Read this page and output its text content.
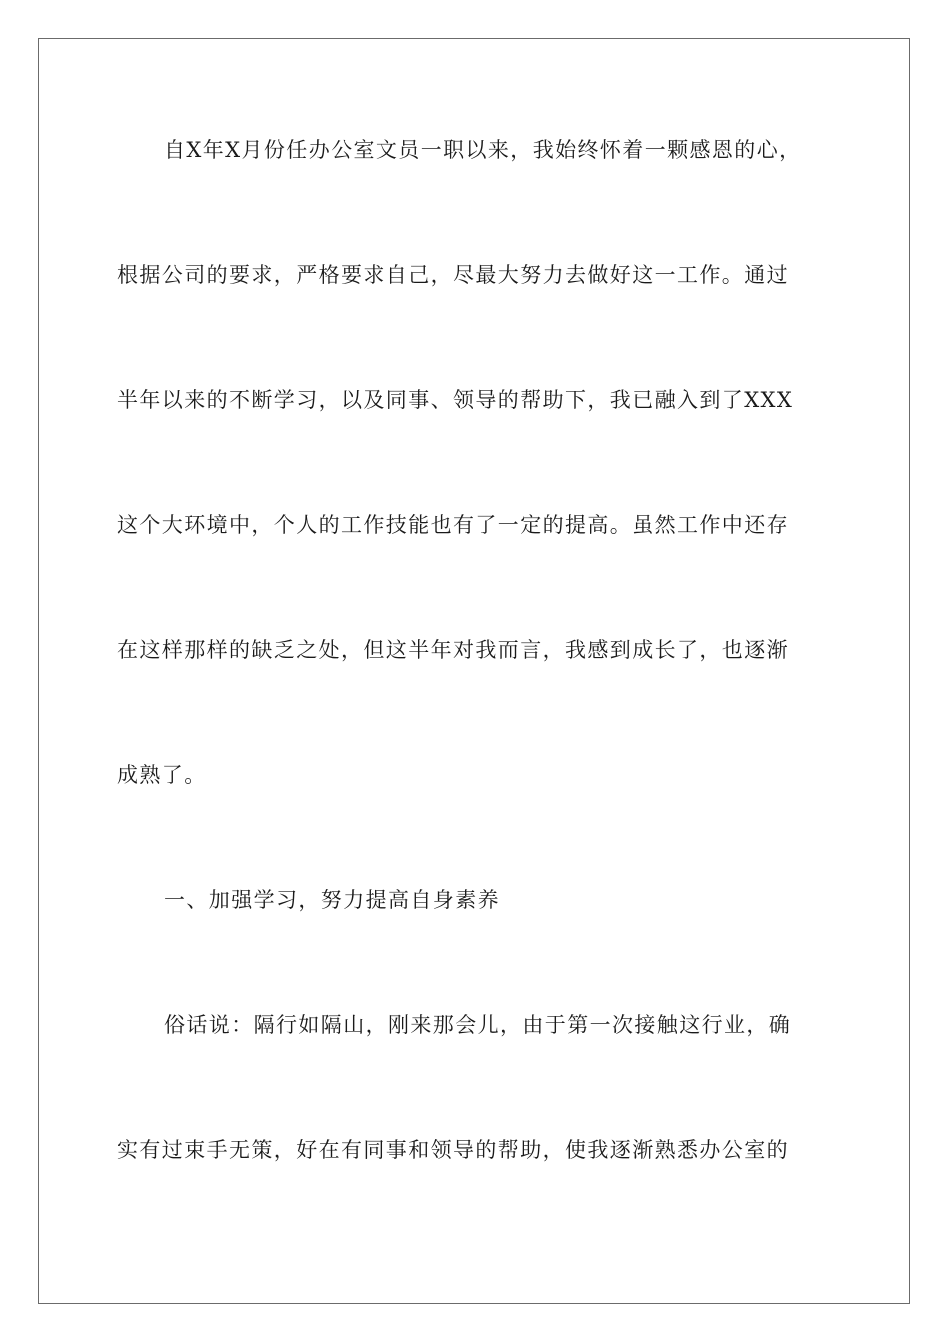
自X年X月份任办公室文员一职以来，我始终怀着一颗感恩的心，
根据公司的要求，严格要求自己，尽最大努力去做好这一工作。通过
半年以来的不断学习，以及同事、领导的帮助下，我已融入到了XXX
这个大环境中，个人的工作技能也有了一定的提高。虽然工作中还存
在这样那样的缺乏之处，但这半年对我而言，我感到成长了，也逐渐
成熟了。
一、加强学习，努力提高自身素养
俗话说：隔行如隔山，刚来那会儿，由于第一次接触这行业，确
实有过束手无策，好在有同事和领导的帮助，使我逐渐熟悉办公室的
